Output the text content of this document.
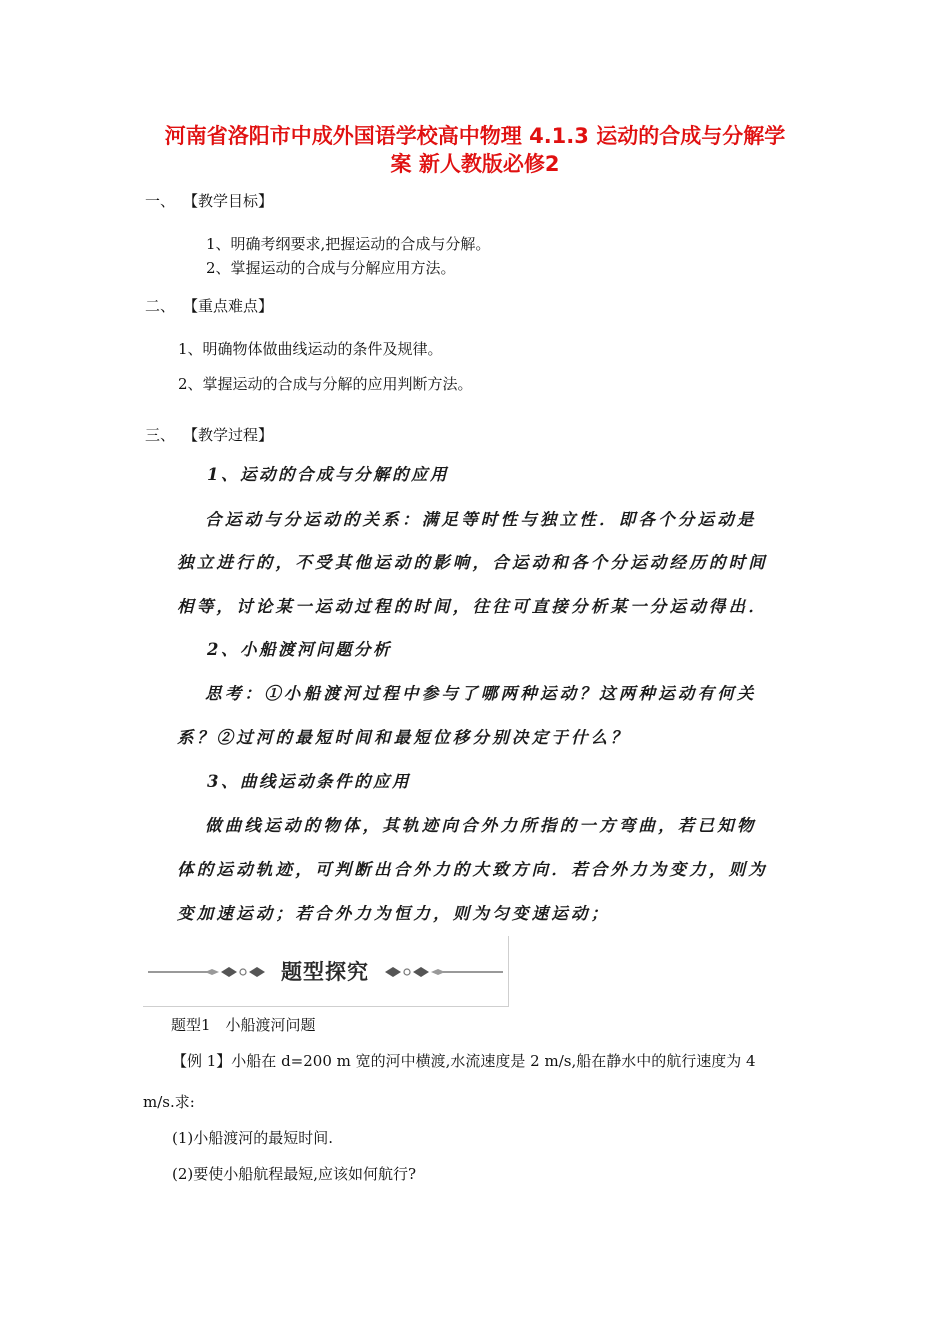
河南省洛阳市中成外国语学校高中物理 4.1.3 运动的合成与分解学
案 新人教版必修2
一、 【教学目标】
1、明确考纲要求,把握运动的合成与分解。
2、掌握运动的合成与分解应用方法。
二、 【重点难点】
1、明确物体做曲线运动的条件及规律。
2、掌握运动的合成与分解的应用判断方法。
三、 【教学过程】
1、运动的合成与分解的应用
合运动与分运动的关系：满足等时性与独立性．即各个分运动是
独立进行的，不受其他运动的影响，合运动和各个分运动经历的时间
相等，讨论某一运动过程的时间，往往可直接分析某一分运动得出．
2、小船渡河问题分析
思考：①小船渡河过程中参与了哪两种运动？这两种运动有何关
系？②过河的最短时间和最短位移分别决定于什么？
3、曲线运动条件的应用
做曲线运动的物体，其轨迹向合外力所指的一方弯曲，若已知物
体的运动轨迹，可判断出合外力的大致方向．若合外力为变力，则为
变加速运动；若合外力为恒力，则为匀变速运动；
题型探究
题型1　小船渡河问题
【例 1】小船在 d=200 m 宽的河中横渡,水流速度是 2 m/s,船在静水中的航行速度为 4
m/s.求:
(1)小船渡河的最短时间.
(2)要使小船航程最短,应该如何航行?
